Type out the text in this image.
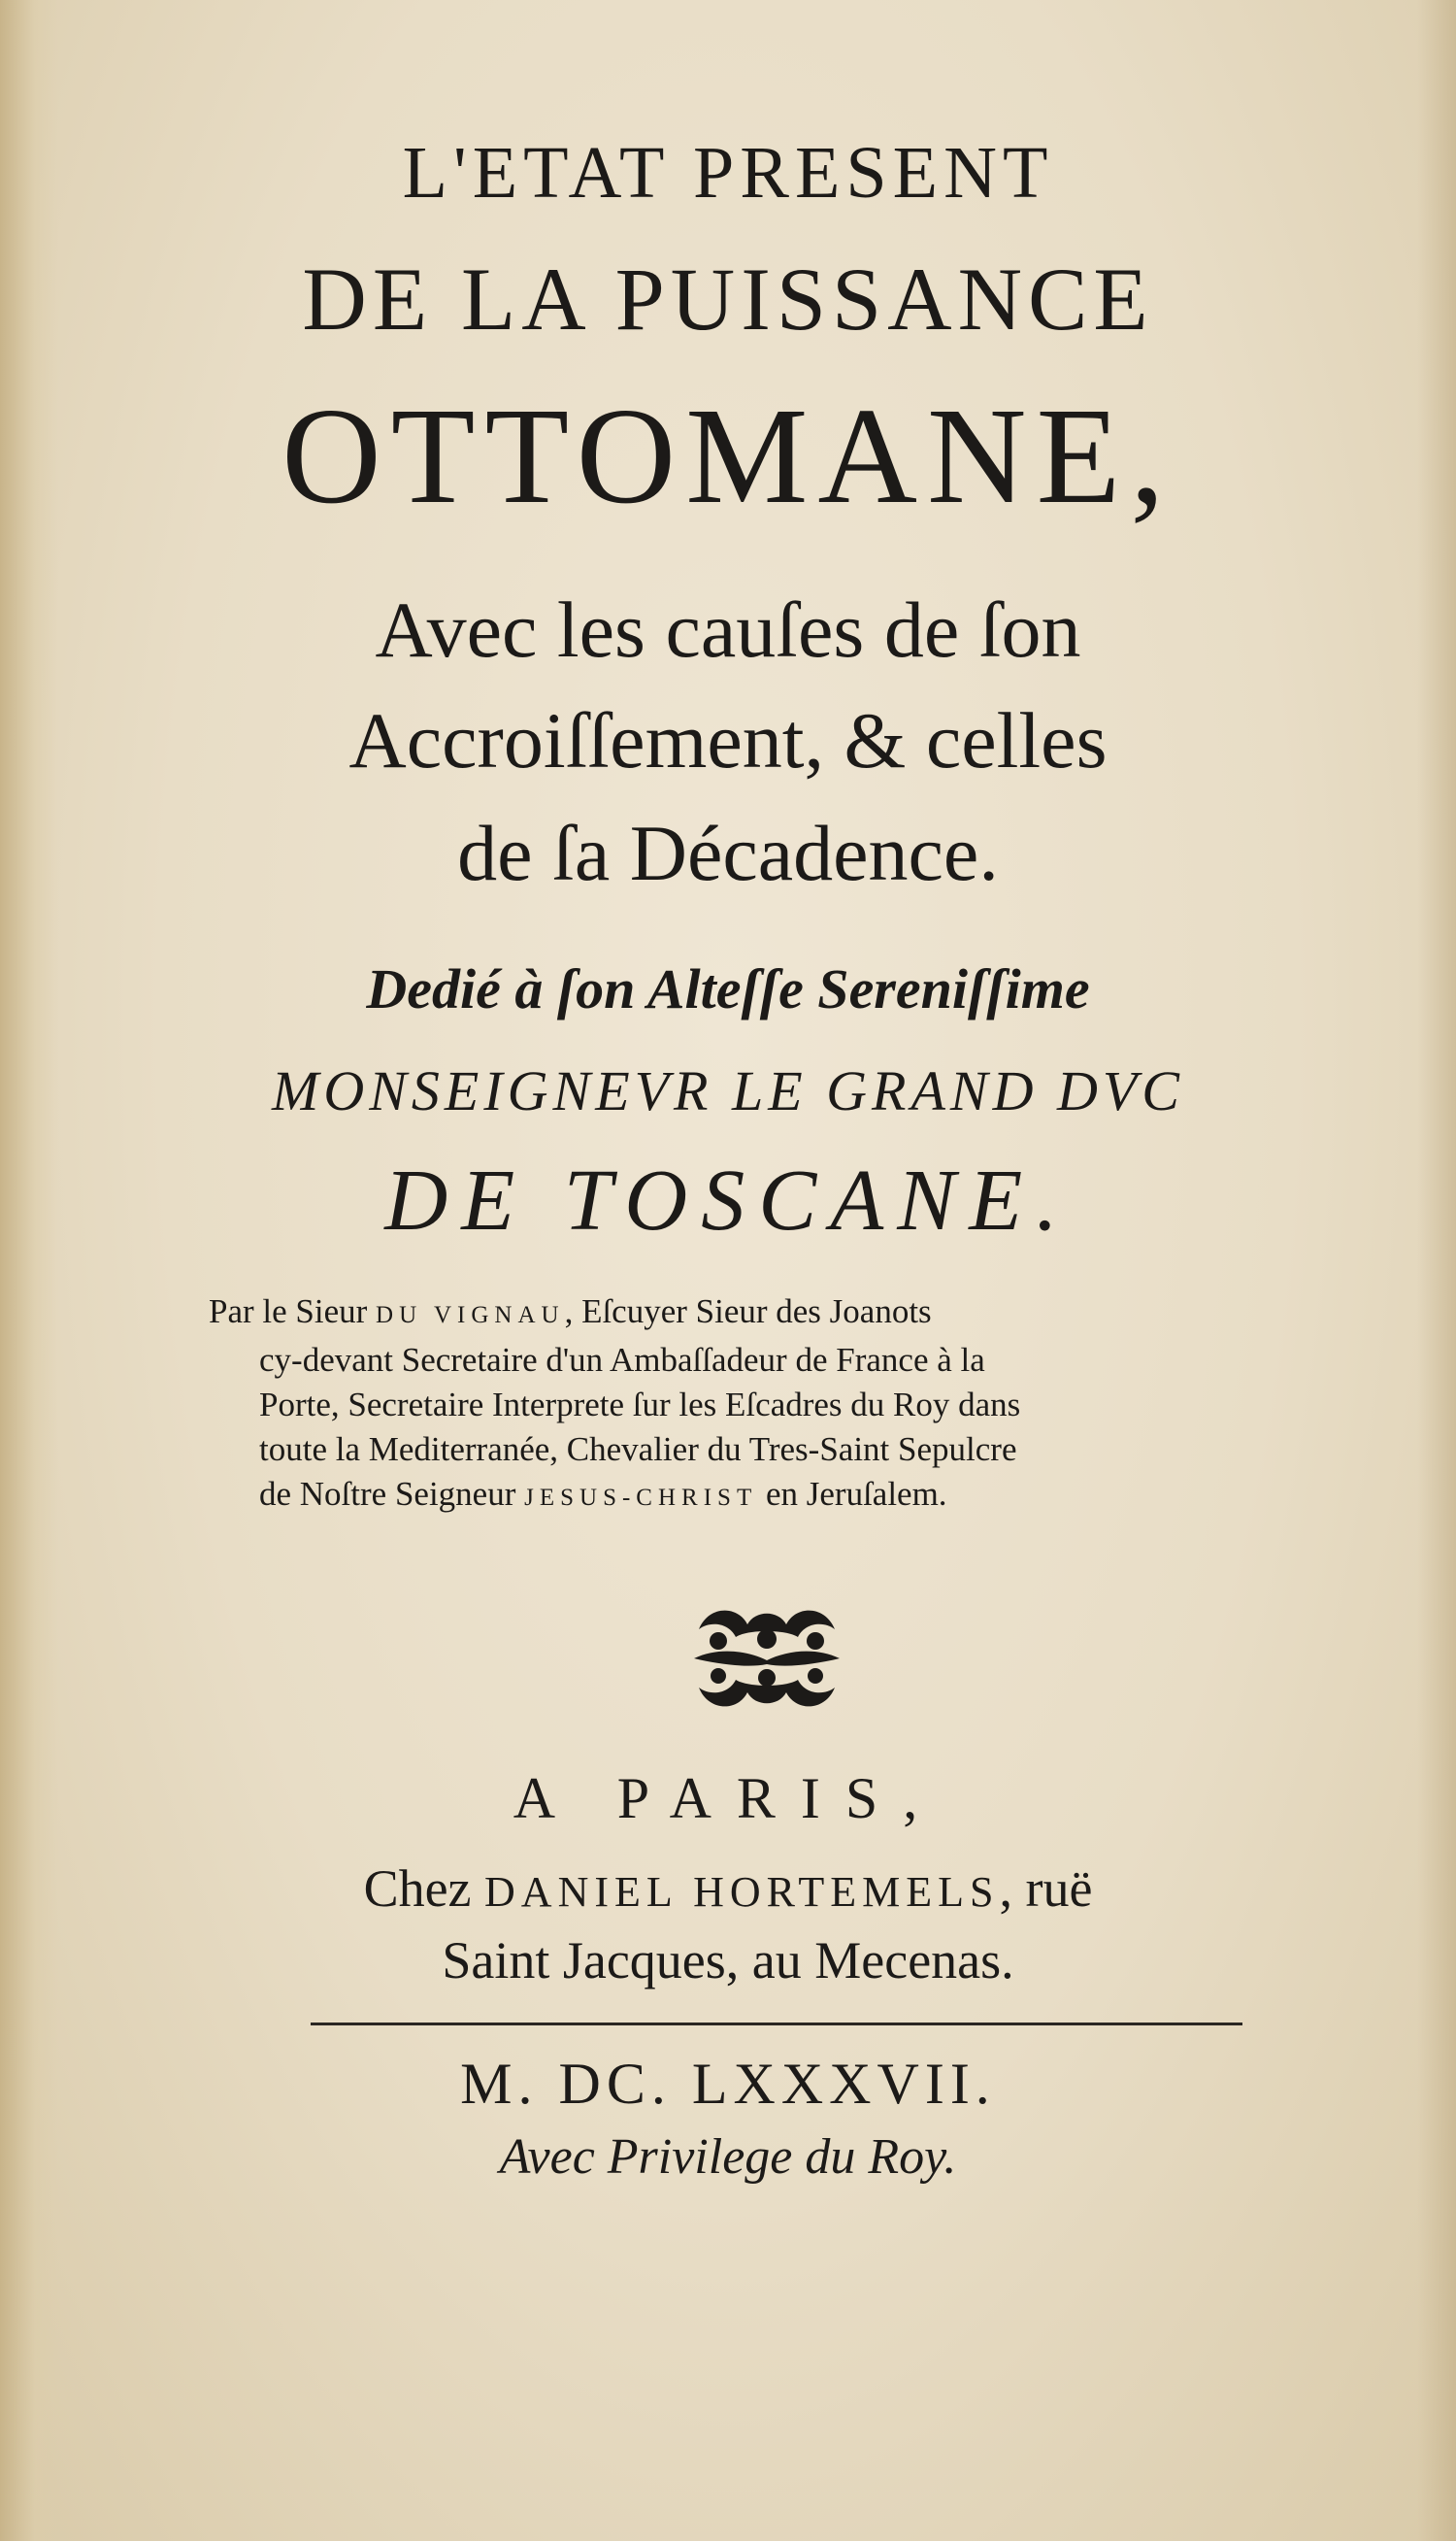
L'ETAT PRESENT
DE LA PUISSANCE
OTTOMANE,
Avec les cauſes de ſon
Accroiſſement, & celles
de ſa Décadence.
Dedié à ſon Alteſſe Sereniſſime
MONSEIGNEVR LE GRAND DVC
DE TOSCANE.
Par le Sieur DU VIGNAU, Eſcuyer Sieur des Joanots
cy-devant Secretaire d'un Ambaſſadeur de France à la
Porte, Secretaire Interprete ſur les Eſcadres du Roy dans
toute la Mediterranée, Chevalier du Tres-Saint Sepulcre
de Noſtre Seigneur JESUS-CHRIST en Jeruſalem.
A PARIS,
Chez DANIEL HORTEMELS, ruë
Saint Jacques, au Mecenas.
M. DC. LXXXVII.
Avec Privilege du Roy.
